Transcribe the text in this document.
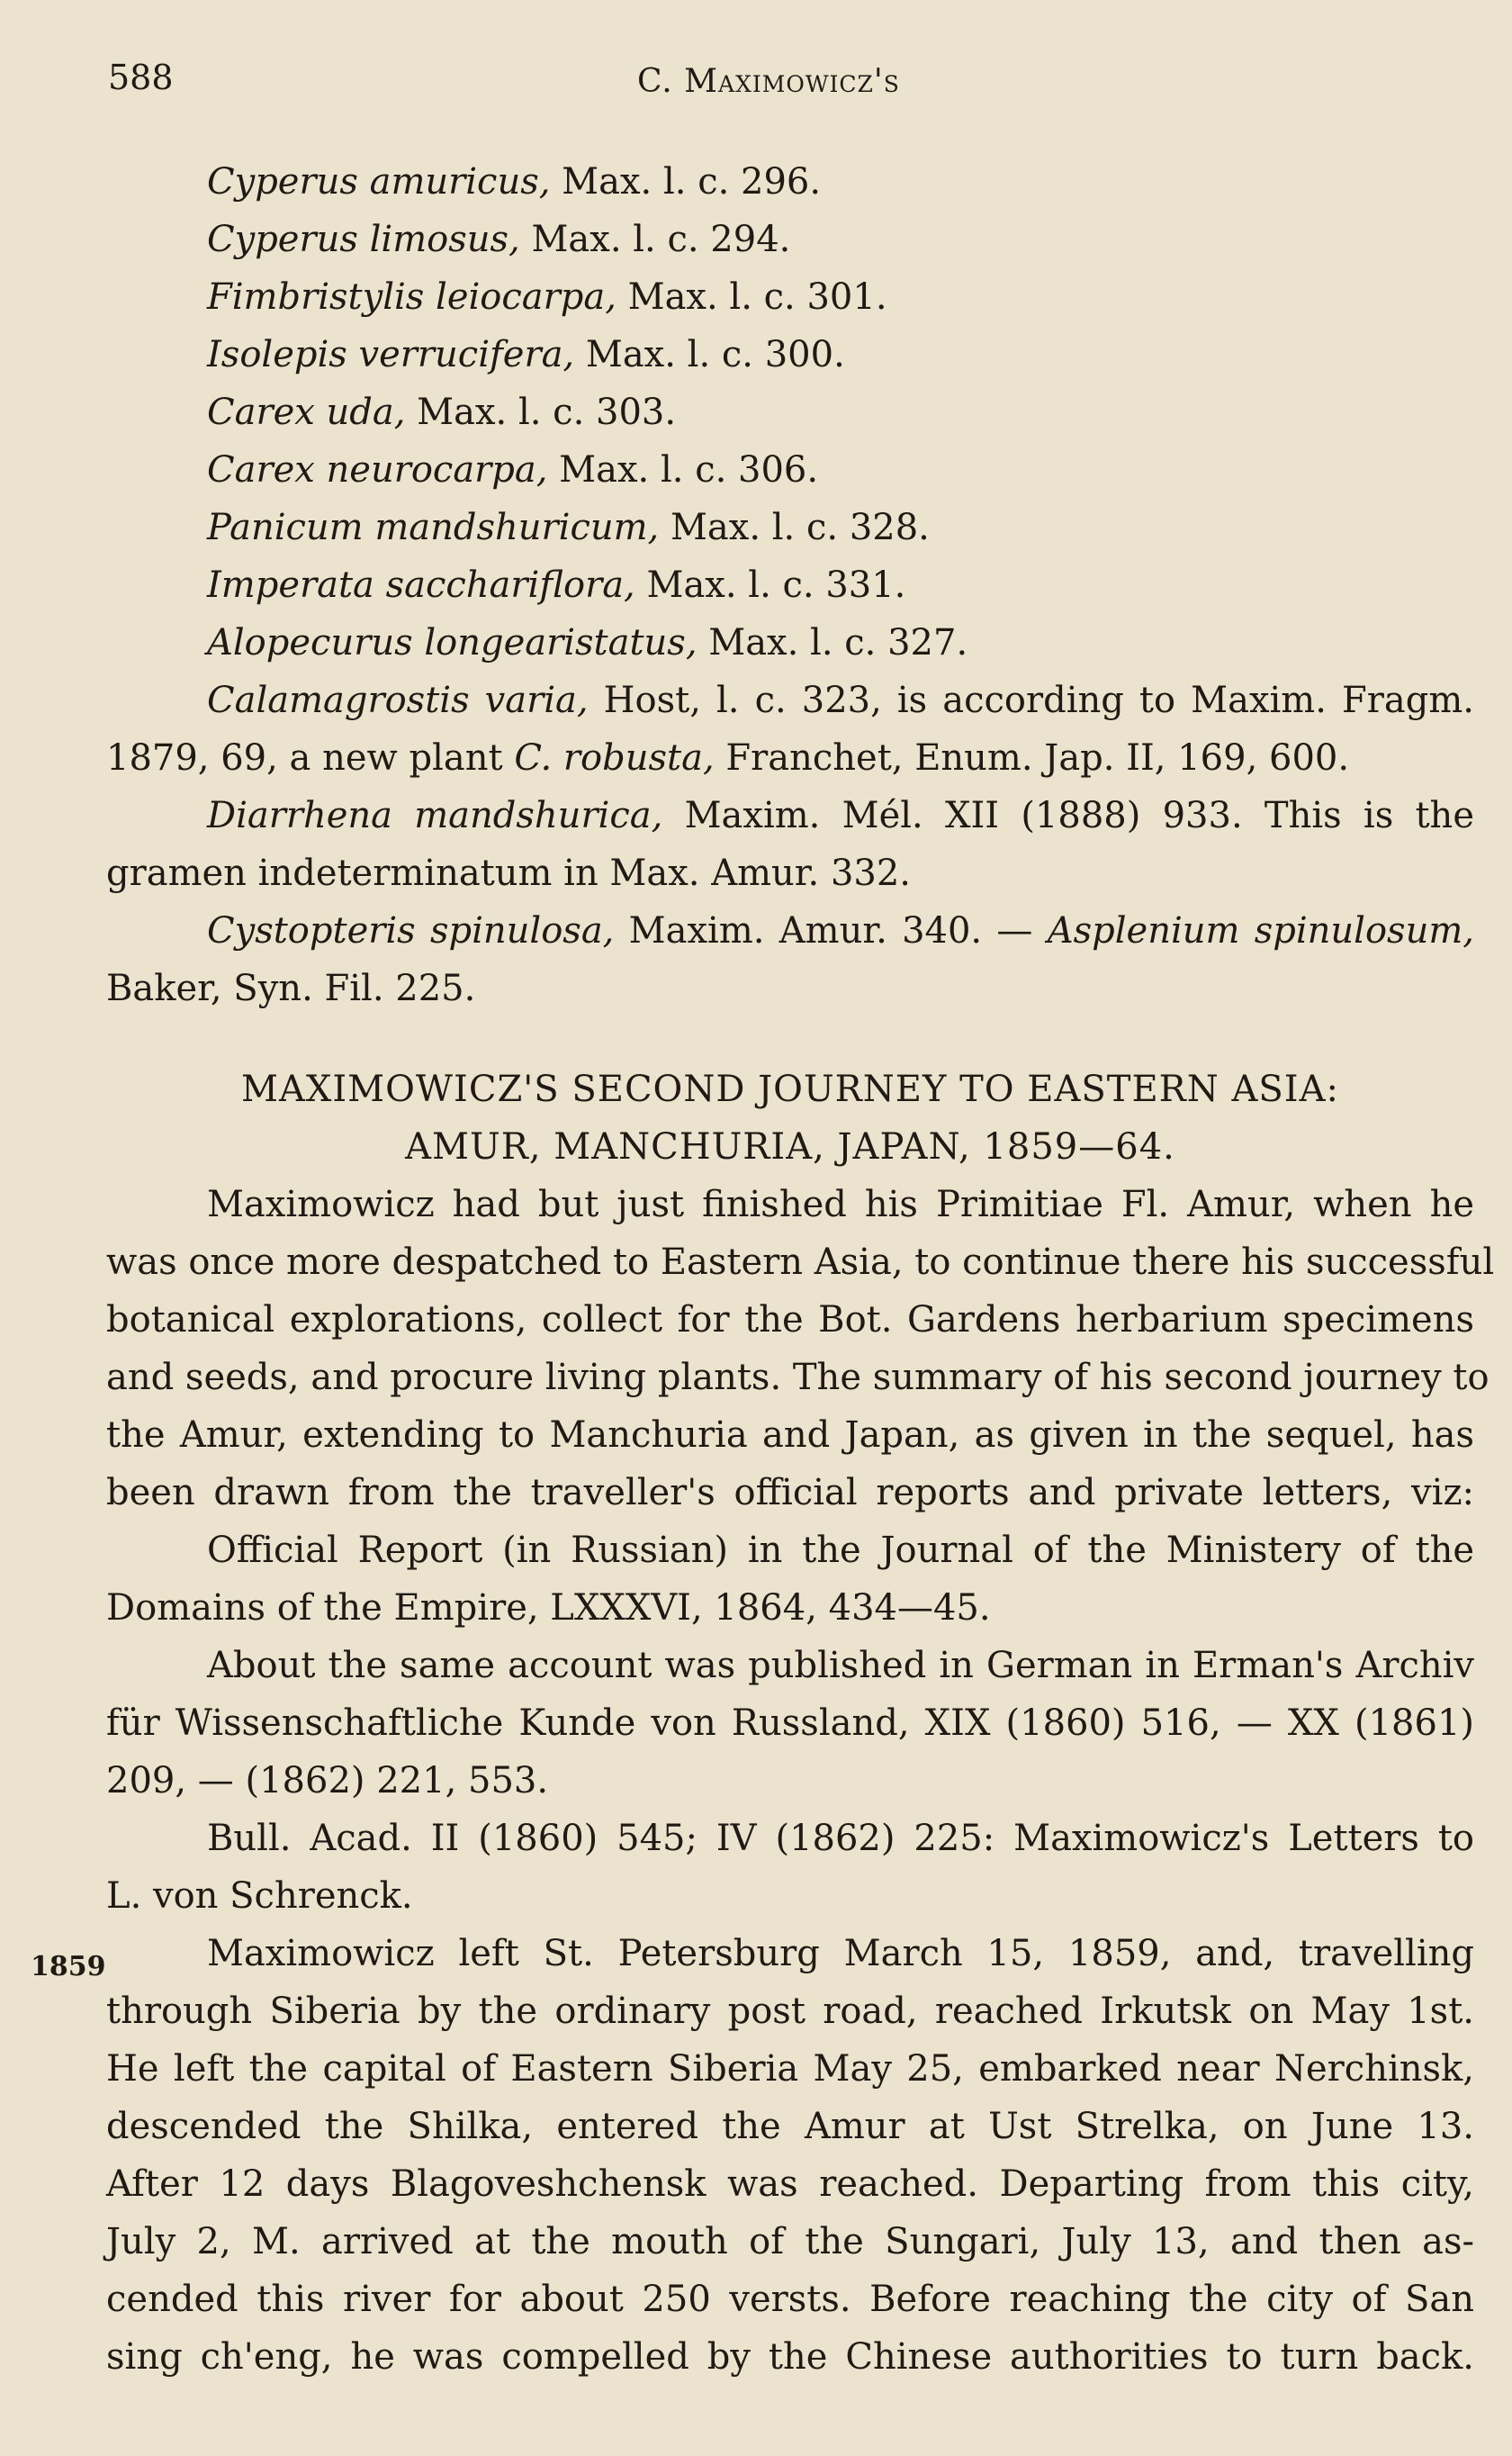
588	C. Maximowicz's
1859
Cyperus amuricus, Max. l. c. 296.
Cyperus limosus, Max. l. c. 294.
Fimbristylis leiocarpa, Max. l. c. 301.
Isolepis verrucifera, Max. l. c. 300.
Carex uda, Max. l. c. 303.
Carex neurocarpa, Max. l. c. 306.
Panicum mandshuricum, Max. l. c. 328.
Imperata sacchariflora, Max. l. c. 331.
Alopecurus longearistatus, Max. l. c. 327.
Calamagrostis varia, Host, l. c. 323, is according to Maxim. Fragm.
1879, 69, a new plant C. robusta, Franchet, Enum. Jap. II, 169, 600.
Diarrhena mandshurica, Maxim. Mél. XII (1888) 933. This is the
gramen indeterminatum in Max. Amur. 332.
Cystopteris spinulosa, Maxim. Amur. 340. — Asplenium spinulosum,
Baker, Syn. Fil. 225.
MAXIMOWICZ'S SECOND JOURNEY TO EASTERN ASIA:
AMUR, MANCHURIA, JAPAN, 1859—64.
Maximowicz had but just finished his Primitiae Fl. Amur, when he
was once more despatched to Eastern Asia, to continue there his successful
botanical explorations, collect for the Bot. Gardens herbarium specimens
and seeds, and procure living plants. The summary of his second journey to
the Amur, extending to Manchuria and Japan, as given in the sequel, has
been drawn from the traveller's official reports and private letters, viz:
Official Report (in Russian) in the Journal of the Ministery of the
Domains of the Empire, LXXXVI, 1864, 434—45.
About the same account was published in German in Erman's Archiv
für Wissenschaftliche Kunde von Russland, XIX (1860) 516, — XX (1861)
209, — (1862) 221, 553.
Bull. Acad. II (1860) 545; IV (1862) 225: Maximowicz's Letters to
L. von Schrenck.
Maximowicz left St. Petersburg March 15, 1859, and, travelling
through Siberia by the ordinary post road, reached Irkutsk on May 1st.
He left the capital of Eastern Siberia May 25, embarked near Nerchinsk,
descended the Shilka, entered the Amur at Ust Strelka, on June 13.
After 12 days Blagoveshchensk was reached. Departing from this city,
July 2, M. arrived at the mouth of the Sungari, July 13, and then as-
cended this river for about 250 versts. Before reaching the city of San
sing ch'eng, he was compelled by the Chinese authorities to turn back.
